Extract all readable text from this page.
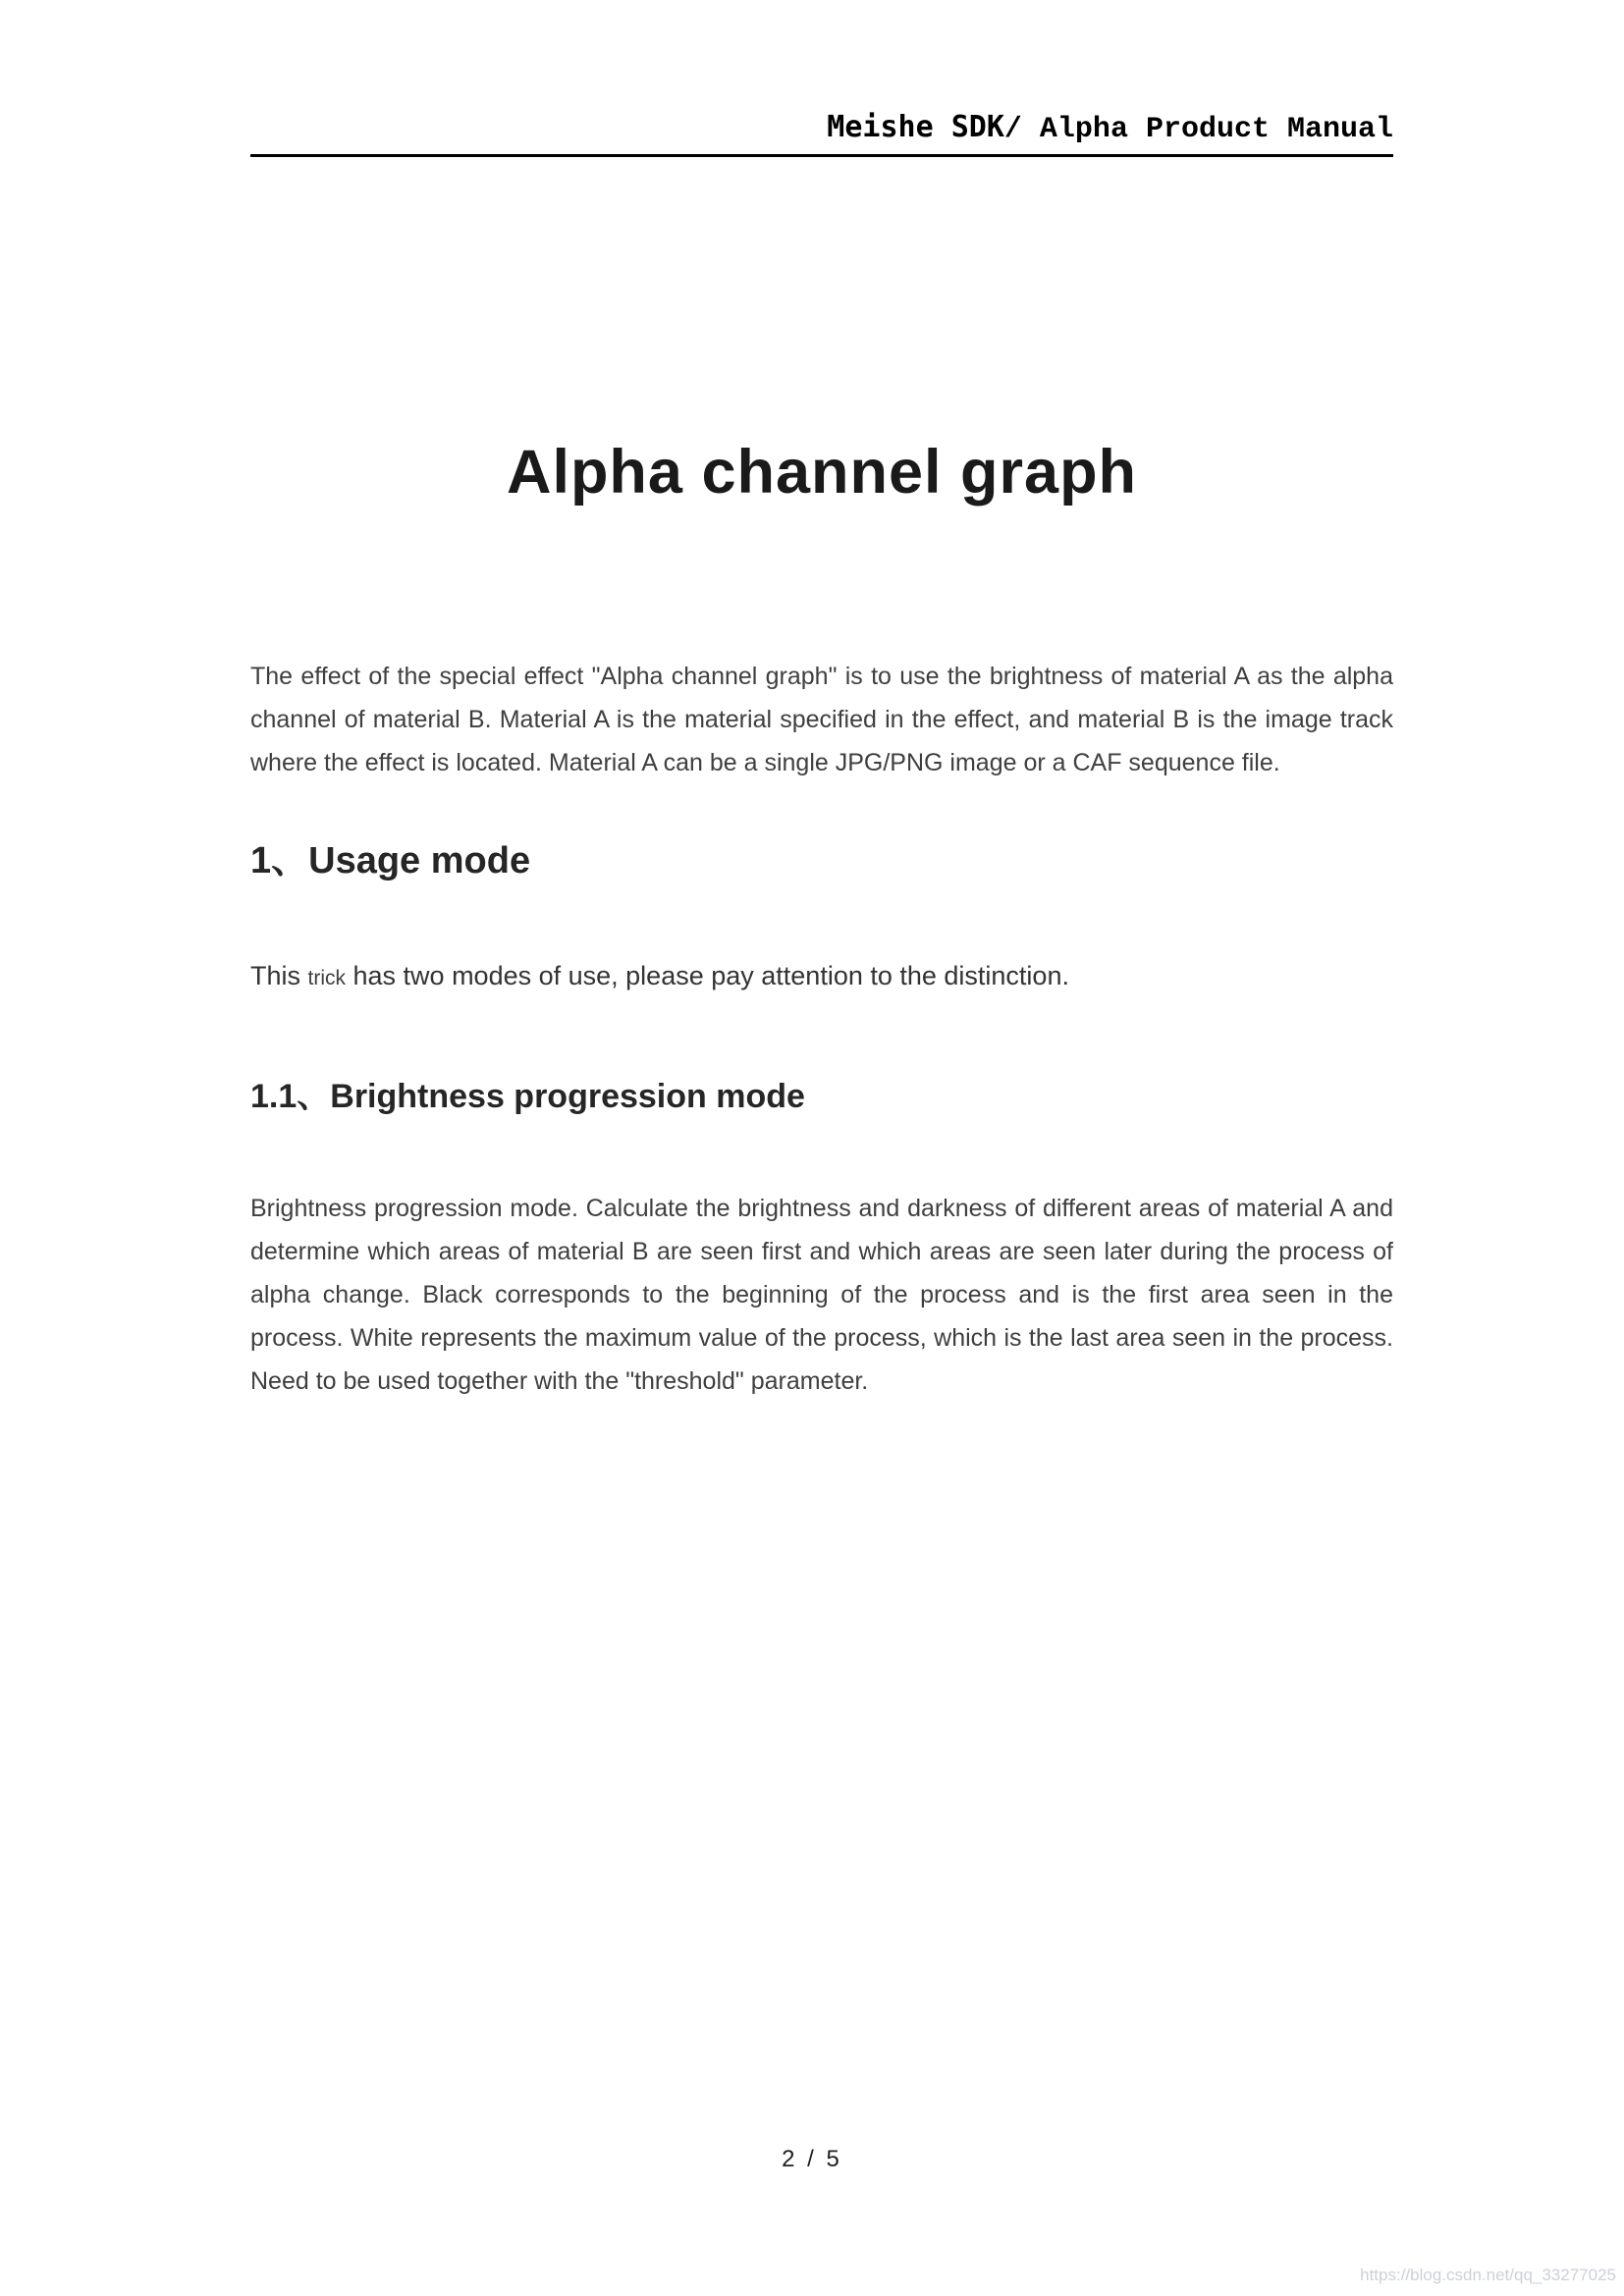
Meishe SDK/ Alpha Product Manual
Alpha channel graph

The effect of the special effect "Alpha channel graph" is to use the brightness of material A as the alpha channel of material B. Material A is the material specified in the effect, and material B is the image track where the effect is located. Material A can be a single JPG/PNG image or a CAF sequence file.

1、Usage mode
This trick has two modes of use, please pay attention to the distinction.
1.1、Brightness progression mode

Brightness progression mode. Calculate the brightness and darkness of different areas of material A and determine which areas of material B are seen first and which areas are seen later during the process of alpha change. Black corresponds to the beginning of the process and is the first area seen in the process. White represents the maximum value of the process, which is the last area seen in the process. Need to be used together with the "threshold" parameter.

2 / 5
https://blog.csdn.net/qq_33277025
